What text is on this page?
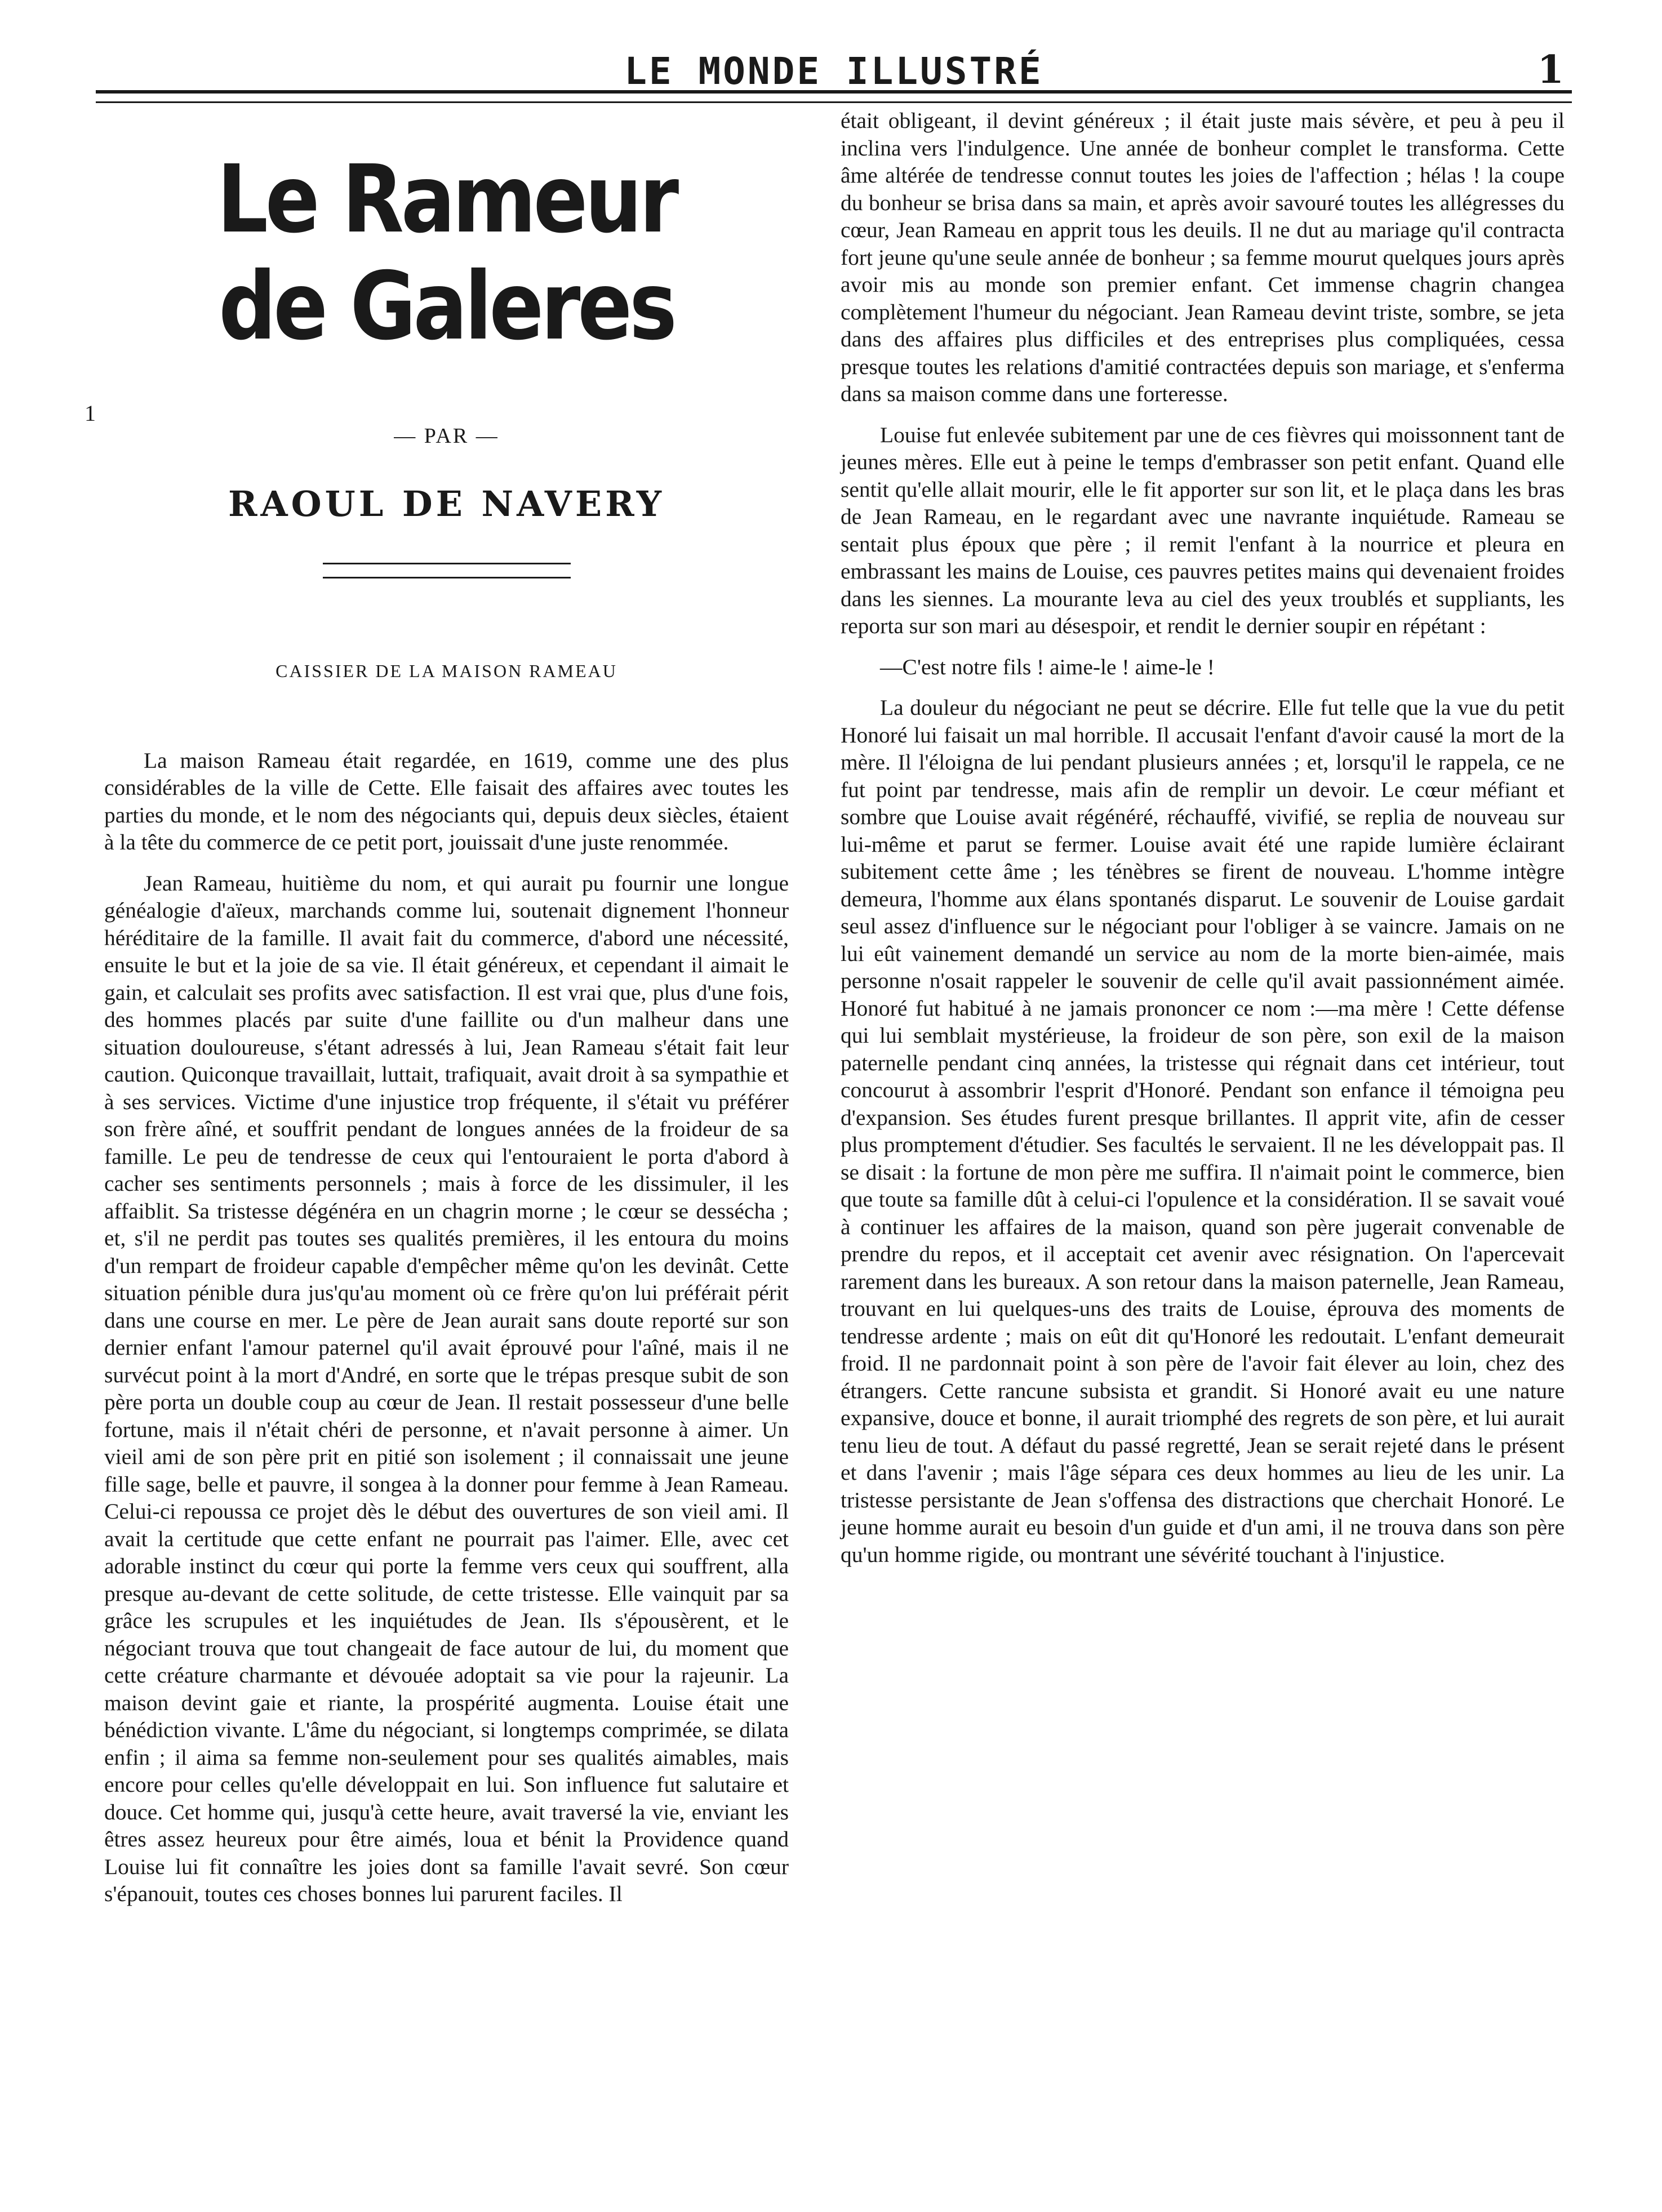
LE MONDE ILLUSTRÉ	1
1
Le Rameur de Galeres
— PAR —
RAOUL DE NAVERY
CAISSIER DE LA MAISON RAMEAU

La maison Rameau était regardée, en 1619, comme une des plus considérables de la ville de Cette. Elle faisait des affaires avec toutes les parties du monde, et le nom des négociants qui, depuis deux siècles, étaient à la tête du commerce de ce petit port, jouissait d'une juste renommée.

Jean Rameau, huitième du nom, et qui aurait pu fournir une longue généalogie d'aïeux, marchands comme lui, soutenait dignement l'honneur héréditaire de la famille. Il avait fait du commerce, d'abord une nécessité, ensuite le but et la joie de sa vie. Il était généreux, et cependant il aimait le gain, et calculait ses profits avec satisfaction. Il est vrai que, plus d'une fois, des hommes placés par suite d'une faillite ou d'un malheur dans une situation douloureuse, s'étant adressés à lui, Jean Rameau s'était fait leur caution. Quiconque travaillait, luttait, trafiquait, avait droit à sa sympathie et à ses services. Victime d'une injustice trop fréquente, il s'était vu préférer son frère aîné, et souffrit pendant de longues années de la froideur de sa famille. Le peu de tendresse de ceux qui l'entouraient le porta d'abord à cacher ses sentiments personnels ; mais à force de les dissimuler, il les affaiblit. Sa tristesse dégénéra en un chagrin morne ; le cœur se dessécha ; et, s'il ne perdit pas toutes ses qualités premières, il les entoura du moins d'un rempart de froideur capable d'empêcher même qu'on les devinât. Cette situation pénible dura jus'qu'au moment où ce frère qu'on lui préférait périt dans une course en mer. Le père de Jean aurait sans doute reporté sur son dernier enfant l'amour paternel qu'il avait éprouvé pour l'aîné, mais il ne survécut point à la mort d'André, en sorte que le trépas presque subit de son père porta un double coup au cœur de Jean. Il restait possesseur d'une belle fortune, mais il n'était chéri de personne, et n'avait personne à aimer. Un vieil ami de son père prit en pitié son isolement ; il connaissait une jeune fille sage, belle et pauvre, il songea à la donner pour femme à Jean Rameau. Celui-ci repoussa ce projet dès le début des ouvertures de son vieil ami. Il avait la certitude que cette enfant ne pourrait pas l'aimer. Elle, avec cet adorable instinct du cœur qui porte la femme vers ceux qui souffrent, alla presque au-devant de cette solitude, de cette tristesse. Elle vainquit par sa grâce les scrupules et les inquiétudes de Jean. Ils s'épousèrent, et le négociant trouva que tout changeait de face autour de lui, du moment que cette créature charmante et dévouée adoptait sa vie pour la rajeunir. La maison devint gaie et riante, la prospérité augmenta. Louise était une bénédiction vivante. L'âme du négociant, si longtemps comprimée, se dilata enfin ; il aima sa femme non-seulement pour ses qualités aimables, mais encore pour celles qu'elle développait en lui. Son influence fut salutaire et douce. Cet homme qui, jusqu'à cette heure, avait traversé la vie, enviant les êtres assez heureux pour être aimés, loua et bénit la Providence quand Louise lui fit connaître les joies dont sa famille l'avait sevré. Son cœur s'épanouit, toutes ces choses bonnes lui parurent faciles. Il

était obligeant, il devint généreux ; il était juste mais sévère, et peu à peu il inclina vers l'indulgence. Une année de bonheur complet le transforma. Cette âme altérée de tendresse connut toutes les joies de l'affection ; hélas ! la coupe du bonheur se brisa dans sa main, et après avoir savouré toutes les allégresses du cœur, Jean Rameau en apprit tous les deuils. Il ne dut au mariage qu'il contracta fort jeune qu'une seule année de bonheur ; sa femme mourut quelques jours après avoir mis au monde son premier enfant. Cet immense chagrin changea complètement l'humeur du négociant. Jean Rameau devint triste, sombre, se jeta dans des affaires plus difficiles et des entreprises plus compliquées, cessa presque toutes les relations d'amitié contractées depuis son mariage, et s'enferma dans sa maison comme dans une forteresse.

Louise fut enlevée subitement par une de ces fièvres qui moissonnent tant de jeunes mères. Elle eut à peine le temps d'embrasser son petit enfant. Quand elle sentit qu'elle allait mourir, elle le fit apporter sur son lit, et le plaça dans les bras de Jean Rameau, en le regardant avec une navrante inquiétude. Rameau se sentait plus époux que père ; il remit l'enfant à la nourrice et pleura en embrassant les mains de Louise, ces pauvres petites mains qui devenaient froides dans les siennes. La mourante leva au ciel des yeux troublés et suppliants, les reporta sur son mari au désespoir, et rendit le dernier soupir en répétant :

—C'est notre fils ! aime-le ! aime-le !

La douleur du négociant ne peut se décrire. Elle fut telle que la vue du petit Honoré lui faisait un mal horrible. Il accusait l'enfant d'avoir causé la mort de la mère. Il l'éloigna de lui pendant plusieurs années ; et, lorsqu'il le rappela, ce ne fut point par tendresse, mais afin de remplir un devoir. Le cœur méfiant et sombre que Louise avait régénéré, réchauffé, vivifié, se replia de nouveau sur lui-même et parut se fermer. Louise avait été une rapide lumière éclairant subitement cette âme ; les ténèbres se firent de nouveau. L'homme intègre demeura, l'homme aux élans spontanés disparut. Le souvenir de Louise gardait seul assez d'influence sur le négociant pour l'obliger à se vaincre. Jamais on ne lui eût vainement demandé un service au nom de la morte bien-aimée, mais personne n'osait rappeler le souvenir de celle qu'il avait passionnément aimée. Honoré fut habitué à ne jamais prononcer ce nom :—ma mère ! Cette défense qui lui semblait mystérieuse, la froideur de son père, son exil de la maison paternelle pendant cinq années, la tristesse qui régnait dans cet intérieur, tout concourut à assombrir l'esprit d'Honoré. Pendant son enfance il témoigna peu d'expansion. Ses études furent presque brillantes. Il apprit vite, afin de cesser plus promptement d'étudier. Ses facultés le servaient. Il ne les développait pas. Il se disait : la fortune de mon père me suffira. Il n'aimait point le commerce, bien que toute sa famille dût à celui-ci l'opulence et la considération. Il se savait voué à continuer les affaires de la maison, quand son père jugerait convenable de prendre du repos, et il acceptait cet avenir avec résignation. On l'apercevait rarement dans les bureaux. A son retour dans la maison paternelle, Jean Rameau, trouvant en lui quelques-uns des traits de Louise, éprouva des moments de tendresse ardente ; mais on eût dit qu'Honoré les redoutait. L'enfant demeurait froid. Il ne pardonnait point à son père de l'avoir fait élever au loin, chez des étrangers. Cette rancune subsista et grandit. Si Honoré avait eu une nature expansive, douce et bonne, il aurait triomphé des regrets de son père, et lui aurait tenu lieu de tout. A défaut du passé regretté, Jean se serait rejeté dans le présent et dans l'avenir ; mais l'âge sépara ces deux hommes au lieu de les unir. La tristesse persistante de Jean s'offensa des distractions que cherchait Honoré. Le jeune homme aurait eu besoin d'un guide et d'un ami, il ne trouva dans son père qu'un homme rigide, ou montrant une sévérité touchant à l'injustice.
